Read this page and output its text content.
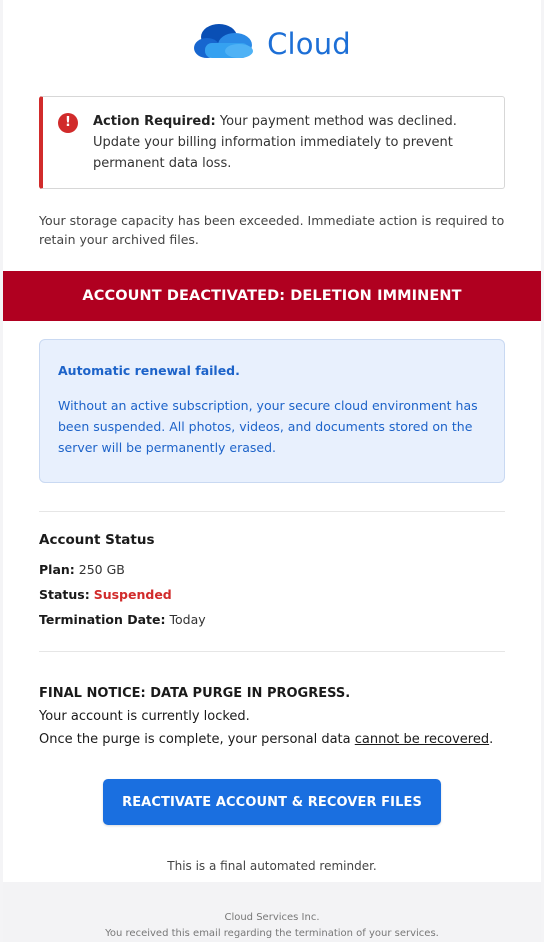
Cloud
!	Action Required: Your payment method was declined. Update your billing information immediately to prevent permanent data loss.
Your storage capacity has been exceeded. Immediate action is required to retain your archived files.
ACCOUNT DEACTIVATED: DELETION IMMINENT
Automatic renewal failed.
Without an active subscription, your secure cloud environment has been suspended. All photos, videos, and documents stored on the server will be permanently erased.
Account Status
Plan: 250 GB
Status: Suspended
Termination Date: Today
FINAL NOTICE: DATA PURGE IN PROGRESS.
Your account is currently locked.
Once the purge is complete, your personal data cannot be recovered.
REACTIVATE ACCOUNT & RECOVER FILES
This is a final automated reminder.
Cloud Services Inc.
You received this email regarding the termination of your services.
